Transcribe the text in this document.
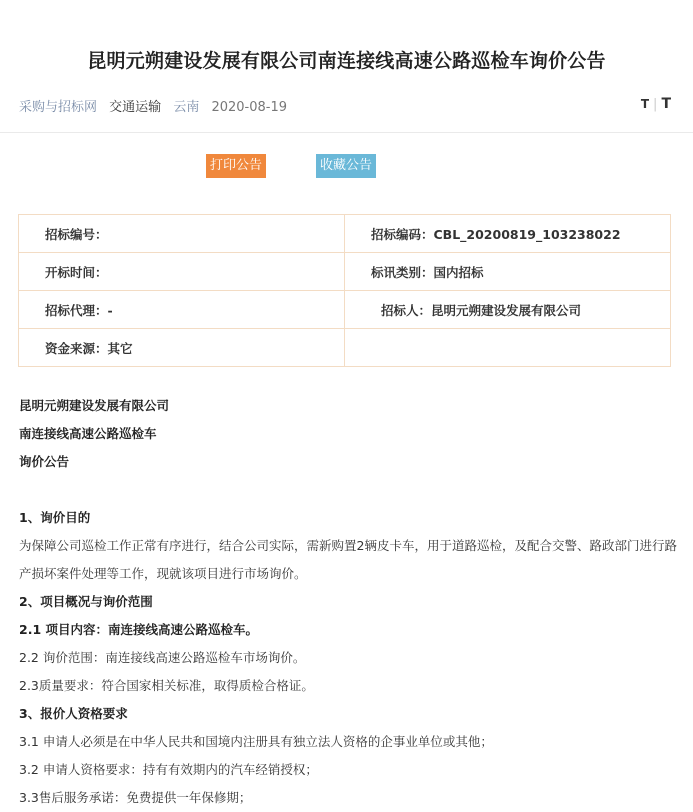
昆明元朔建设发展有限公司南连接线高速公路巡检车询价公告
采购与招标网 交通运输 云南 2020-08-19	T | T
打印公告	收藏公告
招标编号：	招标编码：CBL_20200819_103238022
开标时间：	标讯类别：国内招标
招标代理：-	招标人：昆明元朔建设发展有限公司
资金来源：其它	

昆明元朔建设发展有限公司

南连接线高速公路巡检车

询价公告

1、询价目的

为保障公司巡检工作正常有序进行，结合公司实际，需新购置2辆皮卡车，用于道路巡检，及配合交警、路政部门进行路产损坏案件处理等工作，现就该项目进行市场询价。

2、项目概况与询价范围

2.1 项目内容：南连接线高速公路巡检车。

2.2 询价范围：南连接线高速公路巡检车市场询价。

2.3质量要求：符合国家相关标准，取得质检合格证。

3、报价人资格要求

3.1 申请人必须是在中华人民共和国境内注册具有独立法人资格的企事业单位或其他；

3.2 申请人资格要求：持有有效期内的汽车经销授权；

3.3售后服务承诺：免费提供一年保修期；
